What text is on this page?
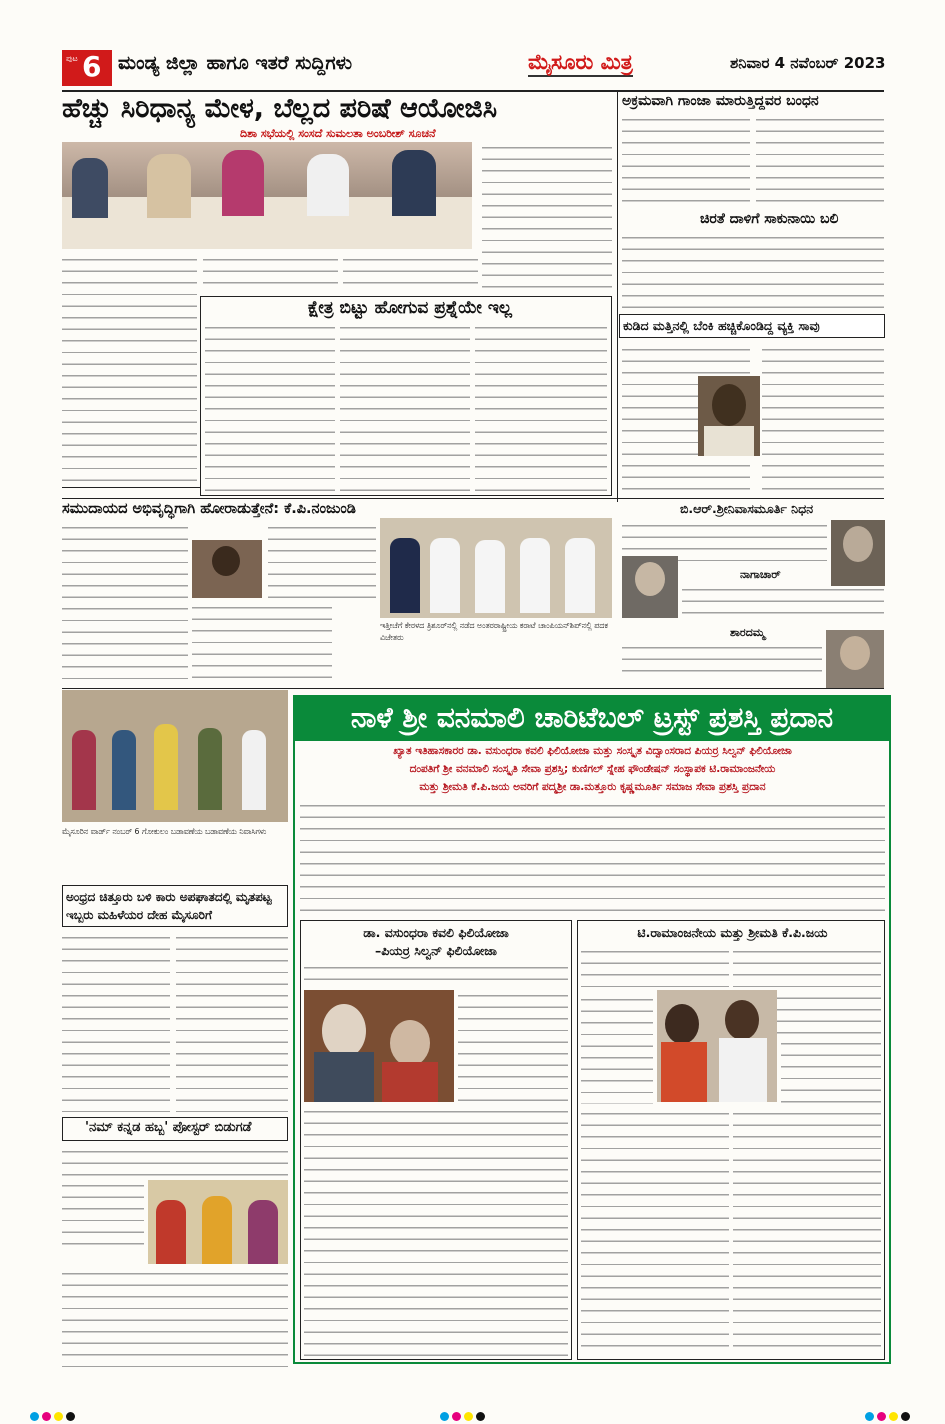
ಪುಟ 6 ಮಂಡ್ಯ ಜಿಲ್ಲಾ ಹಾಗೂ ಇತರೆ ಸುದ್ದಿಗಳು	ಮೈಸೂರು ಮಿತ್ರ	ಶನಿವಾರ 4 ನವೆಂಬರ್ 2023
ಹೆಚ್ಚು ಸಿರಿಧಾನ್ಯ ಮೇಳ, ಬೆಲ್ಲದ ಪರಿಷೆ ಆಯೋಜಿಸಿ
ದಿಶಾ ಸಭೆಯಲ್ಲಿ ಸಂಸದೆ ಸುಮಲತಾ ಅಂಬರೀಶ್ ಸೂಚನೆ
ಕ್ಷೇತ್ರ ಬಿಟ್ಟು ಹೋಗುವ ಪ್ರಶ್ನೆಯೇ ಇಲ್ಲ
ಅಕ್ರಮವಾಗಿ ಗಾಂಜಾ ಮಾರುತ್ತಿದ್ದವರ ಬಂಧನ
ಚಿರತೆ ದಾಳಿಗೆ ಸಾಕುನಾಯಿ ಬಲಿ
ಕುಡಿದ ಮತ್ತಿನಲ್ಲಿ ಬೆಂಕಿ ಹಚ್ಚಿಕೊಂಡಿದ್ದ ವ್ಯಕ್ತಿ ಸಾವು
ಸಮುದಾಯದ ಅಭಿವೃದ್ಧಿಗಾಗಿ ಹೋರಾಡುತ್ತೇನೆ: ಕೆ.ಪಿ.ನಂಜುಂಡಿ
ಇತ್ತೀಚೆಗೆ ಕೇರಳದ ತ್ರಿಶೂರ್‌ನಲ್ಲಿ ನಡೆದ ಅಂತರರಾಷ್ಟ್ರೀಯ ಕರಾಟೆ ಚಾಂಪಿಯನ್‌ಶಿಪ್‌ನಲ್ಲಿ ಪದಕ ವಿಜೇತರು
ಬಿ.ಆರ್.ಶ್ರೀನಿವಾಸಮೂರ್ತಿ ನಿಧನ
ನಾಗಾಚಾರ್
ಶಾರದಮ್ಮ
ಮೈಸೂರಿನ ವಾರ್ಡ್ ನಂಬರ್ 6 ಗೋಕುಲಂ ಬಡಾವಣೆಯ ಬಡಾವಣೆಯ ನಿವಾಸಿಗಳು
ಅಂಧ್ರದ ಚಿತ್ತೂರು ಬಳಿ ಕಾರು ಅಪಘಾತದಲ್ಲಿ ಮೃತಪಟ್ಟ ಇಬ್ಬರು ಮಹಿಳೆಯರ ದೇಹ ಮೈಸೂರಿಗೆ
'ನಮ್ ಕನ್ನಡ ಹಬ್ಬ' ಪೋಸ್ಟರ್ ಬಿಡುಗಡೆ
ನಾಳೆ ಶ್ರೀ ವನಮಾಲಿ ಚಾರಿಟೆಬಲ್ ಟ್ರಸ್ಟ್ ಪ್ರಶಸ್ತಿ ಪ್ರದಾನ
ಖ್ಯಾತ ಇತಿಹಾಸಕಾರರ ಡಾ. ವಸುಂಧರಾ ಕವಲಿ ಫಿಲಿಯೋಜಾ ಮತ್ತು ಸಂಸ್ಕೃತ ವಿದ್ವಾಂಸರಾದ ಪಿಯರ್ರ ಸಿಲ್ವನ್ ಫಿಲಿಯೋಜಾ
ದಂಪತಿಗೆ ಶ್ರೀ ವನಮಾಲಿ ಸಂಸ್ಕೃತಿ ಸೇವಾ ಪ್ರಶಸ್ತಿ; ಕುಣಿಗಲ್ ಸ್ನೇಹ ಫೌಂಡೇಷನ್ ಸಂಸ್ಥಾಪಕ ಟಿ.ರಾಮಾಂಜನೇಯ
ಮತ್ತು ಶ್ರೀಮತಿ ಕೆ.ಪಿ.ಜಯ ಅವರಿಗೆ ಪದ್ಮಶ್ರೀ ಡಾ.ಮತ್ತೂರು ಕೃಷ್ಣಮೂರ್ತಿ ಸಮಾಜ ಸೇವಾ ಪ್ರಶಸ್ತಿ ಪ್ರದಾನ
ಡಾ. ವಸುಂಧರಾ ಕವಲಿ ಫಿಲಿಯೋಜಾ
–ಪಿಯರ್ರ ಸಿಲ್ವನ್ ಫಿಲಿಯೋಜಾ
ಟಿ.ರಾಮಾಂಜನೇಯ ಮತ್ತು ಶ್ರೀಮತಿ ಕೆ.ಪಿ.ಜಯ
